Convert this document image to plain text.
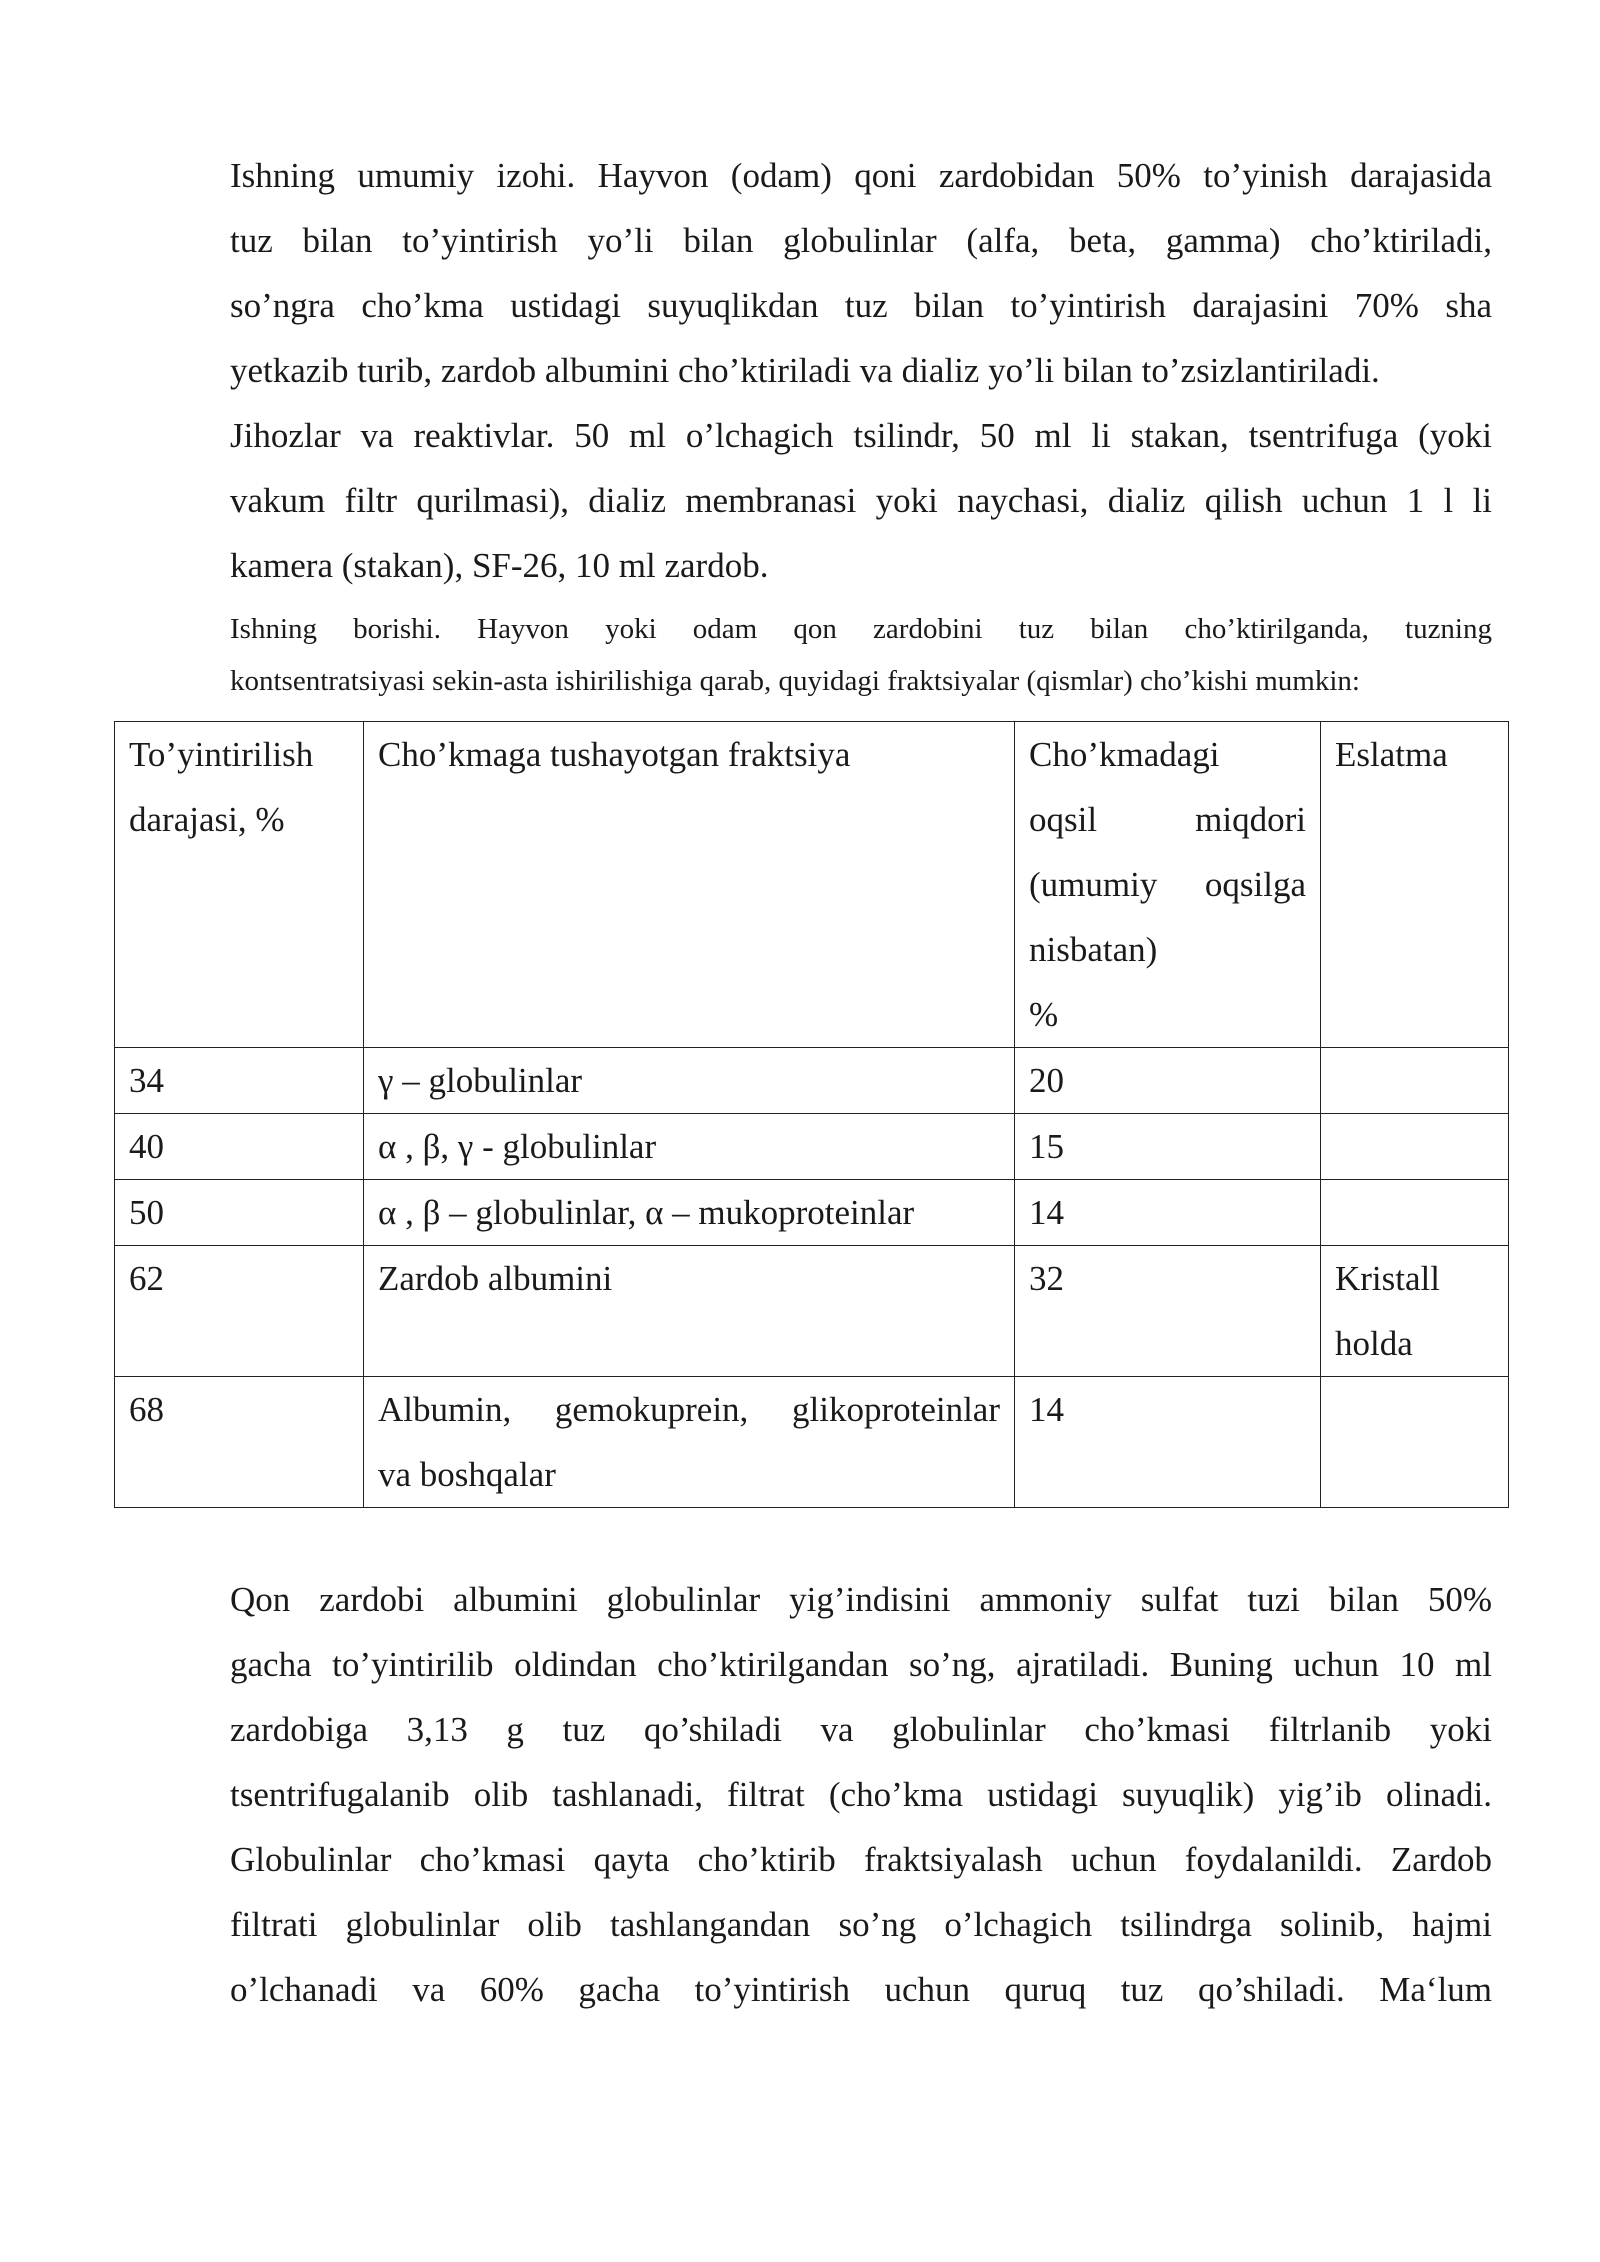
Ishning umumiy izohi. Hayvon (odam) qoni zardobidan 50% to’yinish darajasida
tuz bilan to’yintirish yo’li bilan globulinlar (alfa, beta, gamma) cho’ktiriladi,
so’ngra cho’kma ustidagi suyuqlikdan tuz bilan to’yintirish darajasini 70% sha
yetkazib turib, zardob albumini cho’ktiriladi va dializ yo’li bilan to’zsizlantiriladi.

Jihozlar va reaktivlar. 50 ml o’lchagich tsilindr, 50 ml li stakan, tsentrifuga (yoki
vakum filtr qurilmasi), dializ membranasi yoki naychasi, dializ qilish uchun 1 l li
kamera (stakan), SF-26, 10 ml zardob.

Ishning borishi. Hayvon yoki odam qon zardobini tuz bilan cho’ktirilganda, tuzning
kontsentratsiyasi sekin-asta ishirilishiga qarab, quyidagi fraktsiyalar (qismlar) cho’kishi mumkin:

To’yintirilish
darajasi, %	Cho’kmaga tushayotgan fraktsiya	Cho’kmadagi
oqsil miqdori
(umumiy oqsilga
nisbatan)
%	Eslatma

34	γ – globulinlar	20	
40	α , β, γ - globulinlar	15	
50	α , β – globulinlar, α – mukoproteinlar	14	
62	Zardob albumini	32	Kristall
holda

68	Albumin, gemokuprein, glikoproteinlar
va boshqalar	14	

Qon zardobi albumini globulinlar yig’indisini ammoniy sulfat tuzi bilan 50%
gacha to’yintirilib oldindan cho’ktirilgandan so’ng, ajratiladi. Buning uchun 10 ml
zardobiga 3,13 g tuz qo’shiladi va globulinlar cho’kmasi filtrlanib yoki
tsentrifugalanib olib tashlanadi, filtrat (cho’kma ustidagi suyuqlik) yig’ib olinadi.
Globulinlar cho’kmasi qayta cho’ktirib fraktsiyalash uchun foydalanildi. Zardob
filtrati globulinlar olib tashlangandan so’ng o’lchagich tsilindrga solinib, hajmi
o’lchanadi va 60% gacha to’yintirish uchun quruq tuz qo’shiladi. Ma‘lum
